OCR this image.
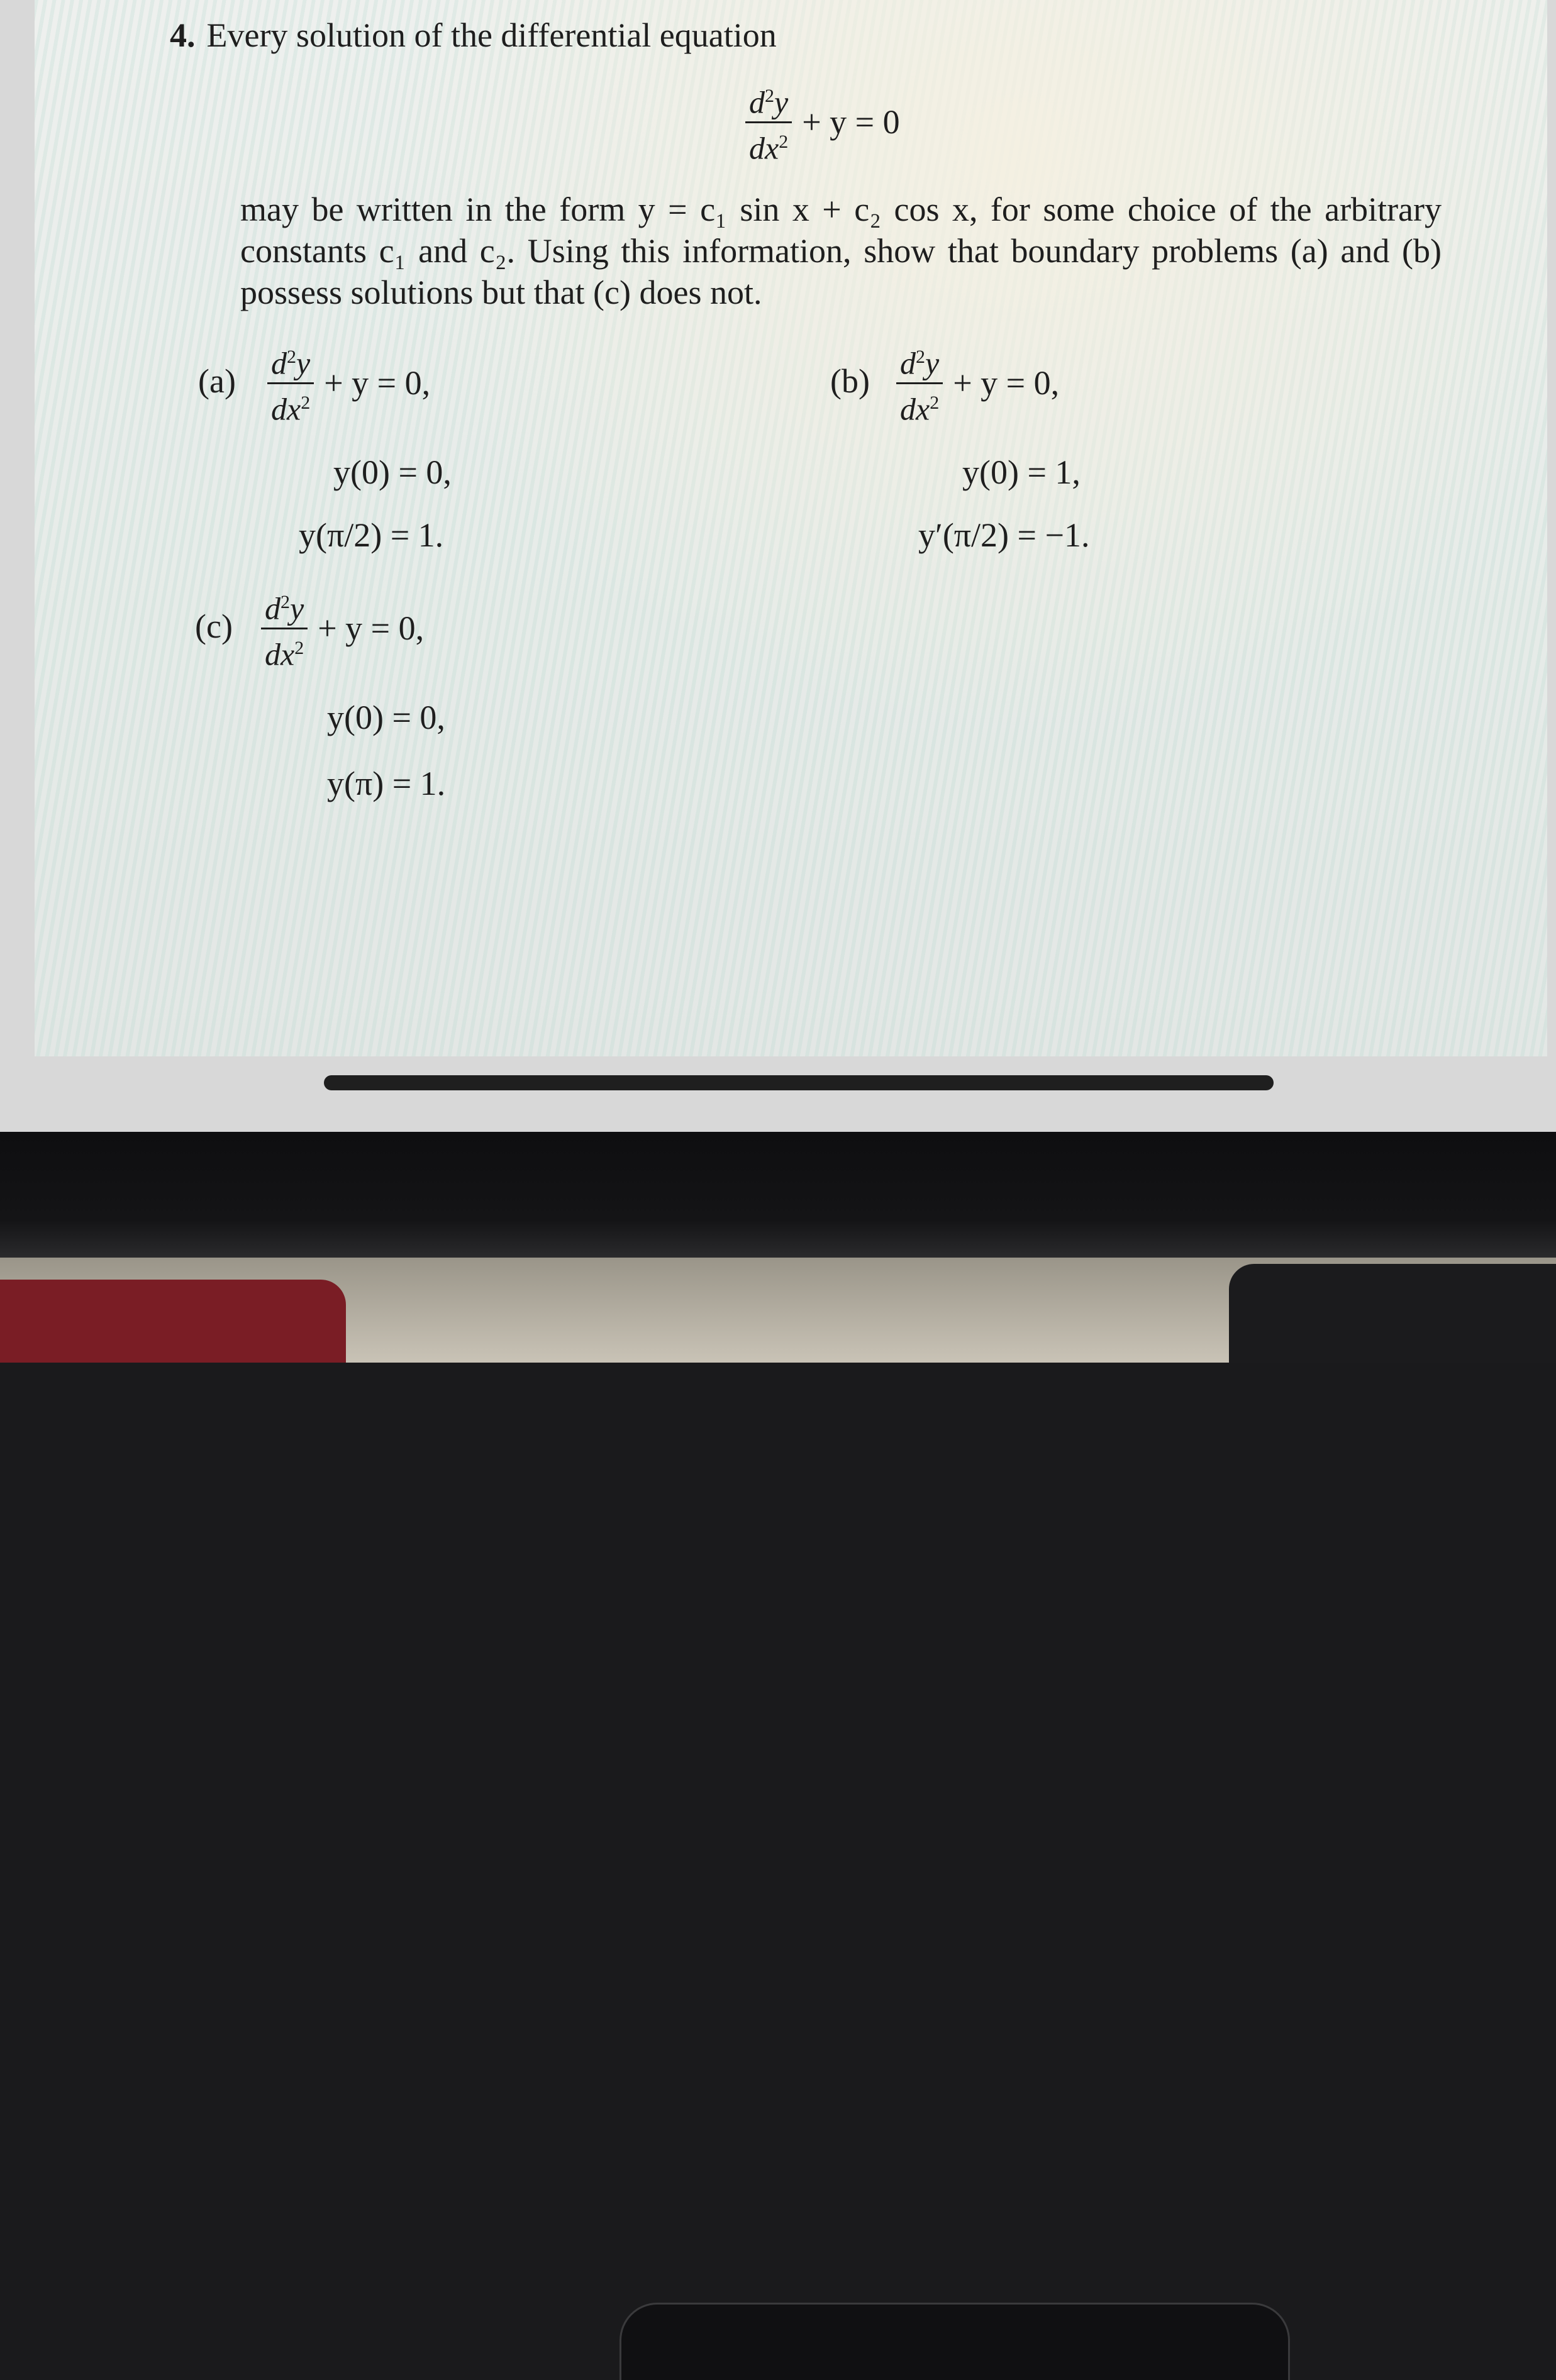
4. Every solution of the differential equation
$\frac{d^2y}{dx^2} + y = 0$
may be written in the form y = c₁ sin x + c₂ cos x, for some choice of the arbitrary constants c₁ and c₂. Using this information, show that boundary problems (a) and (b) possess solutions but that (c) does not.
$(a) \frac{d^2y}{dx^2} + y = 0$,
y(0) = 0,
y(π/2) = 1.
$(b) \frac{d^2y}{dx^2} + y = 0$,
y(0) = 1,
y′(π/2) = −1.
$(c) \frac{d^2y}{dx^2} + y = 0$,
y(0) = 0,
y(π) = 1.
